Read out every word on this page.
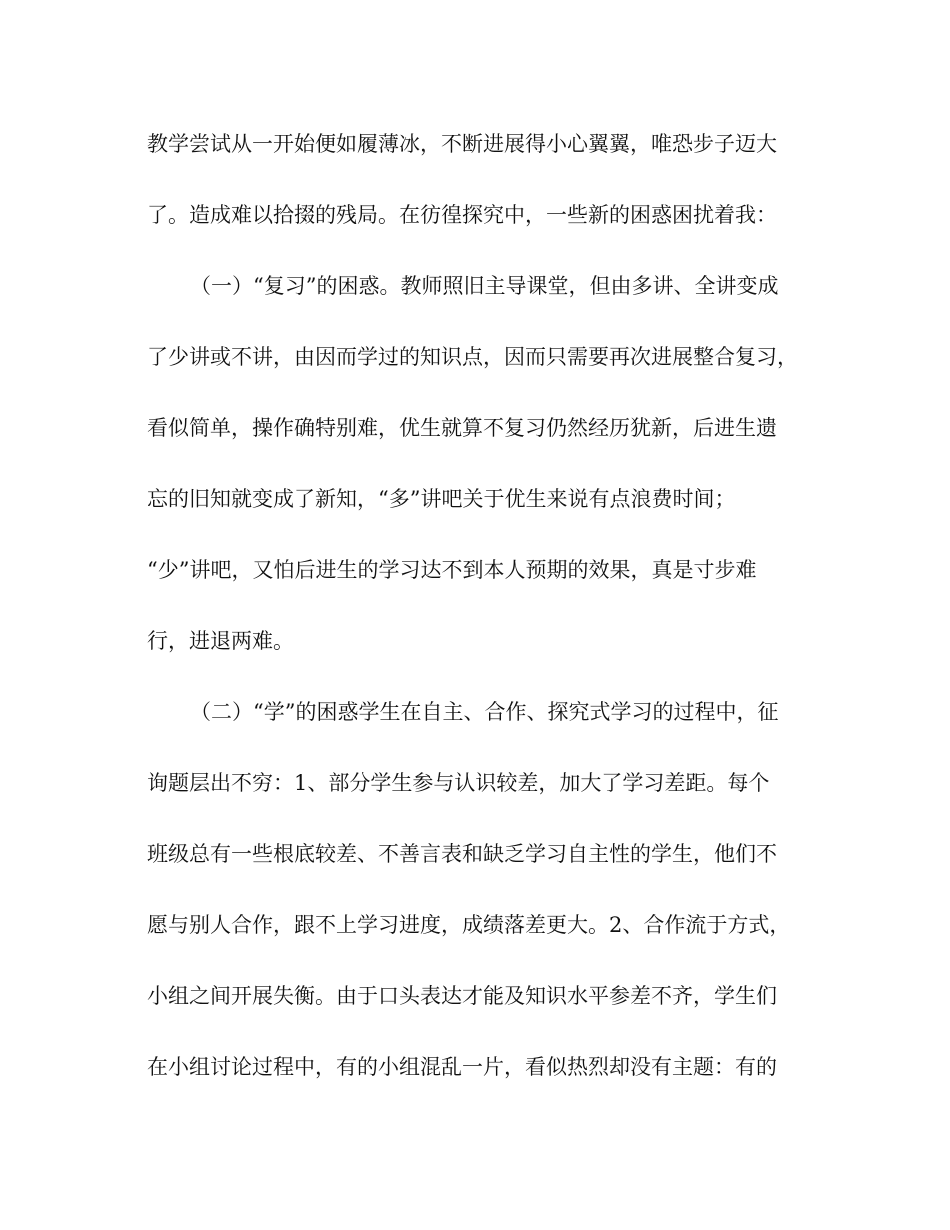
教学尝试从一开始便如履薄冰，不断进展得小心翼翼，唯恐步子迈大

了。造成难以拾掇的残局。在彷徨探究中，一些新的困惑困扰着我：

（一）“复习”的困惑。教师照旧主导课堂，但由多讲、全讲变成

了少讲或不讲，由因而学过的知识点，因而只需要再次进展整合复习，

看似简单，操作确特别难，优生就算不复习仍然经历犹新，后进生遗

忘的旧知就变成了新知，“多”讲吧关于优生来说有点浪费时间；

“少”讲吧，又怕后进生的学习达不到本人预期的效果，真是寸步难

行，进退两难。

（二）“学”的困惑学生在自主、合作、探究式学习的过程中，征

询题层出不穷：1、部分学生参与认识较差，加大了学习差距。每个

班级总有一些根底较差、不善言表和缺乏学习自主性的学生，他们不

愿与别人合作，跟不上学习进度，成绩落差更大。2、合作流于方式，

小组之间开展失衡。由于口头表达才能及知识水平参差不齐，学生们

在小组讨论过程中，有的小组混乱一片，看似热烈却没有主题：有的
